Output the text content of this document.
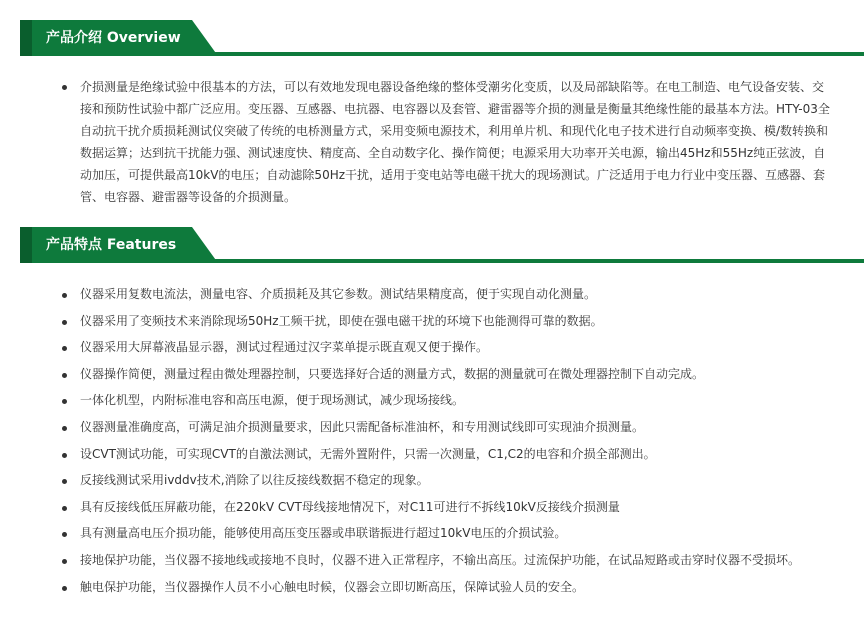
产品介绍 Overview
介损测量是绝缘试验中很基本的方法，可以有效地发现电器设备绝缘的整体受潮劣化变质，以及局部缺陷等。在电工制造、电气设备安装、交接和预防性试验中都广泛应用。变压器、互感器、电抗器、电容器以及套管、避雷器等介损的测量是衡量其绝缘性能的最基本方法。HTY-03全自动抗干扰介质损耗测试仪突破了传统的电桥测量方式，采用变频电源技术，利用单片机、和现代化电子技术进行自动频率变换、模/数转换和数据运算；达到抗干扰能力强、测试速度快、精度高、全自动数字化、操作简便；电源采用大功率开关电源，输出45Hz和55Hz纯正弦波，自动加压，可提供最高10kV的电压；自动滤除50Hz干扰，适用于变电站等电磁干扰大的现场测试。广泛适用于电力行业中变压器、互感器、套管、电容器、避雷器等设备的介损测量。
产品特点 Features
仪器采用复数电流法，测量电容、介质损耗及其它参数。测试结果精度高，便于实现自动化测量。
仪器采用了变频技术来消除现场50Hz工频干扰，即使在强电磁干扰的环境下也能测得可靠的数据。
仪器采用大屏幕液晶显示器，测试过程通过汉字菜单提示既直观又便于操作。
仪器操作简便，测量过程由微处理器控制，只要选择好合适的测量方式，数据的测量就可在微处理器控制下自动完成。
一体化机型，内附标准电容和高压电源，便于现场测试，减少现场接线。
仪器测量准确度高，可满足油介损测量要求，因此只需配备标准油杯，和专用测试线即可实现油介损测量。
设CVT测试功能，可实现CVT的自激法测试，无需外置附件，只需一次测量，C1,C2的电容和介损全部测出。
反接线测试采用ivddv技术,消除了以往反接线数据不稳定的现象。
具有反接线低压屏蔽功能，在220kV CVT母线接地情况下，对C11可进行不拆线10kV反接线介损测量
具有测量高电压介损功能，能够使用高压变压器或串联谐振进行超过10kV电压的介损试验。
接地保护功能，当仪器不接地线或接地不良时，仪器不进入正常程序，不输出高压。过流保护功能，在试品短路或击穿时仪器不受损坏。
触电保护功能，当仪器操作人员不小心触电时候，仪器会立即切断高压，保障试验人员的安全。
